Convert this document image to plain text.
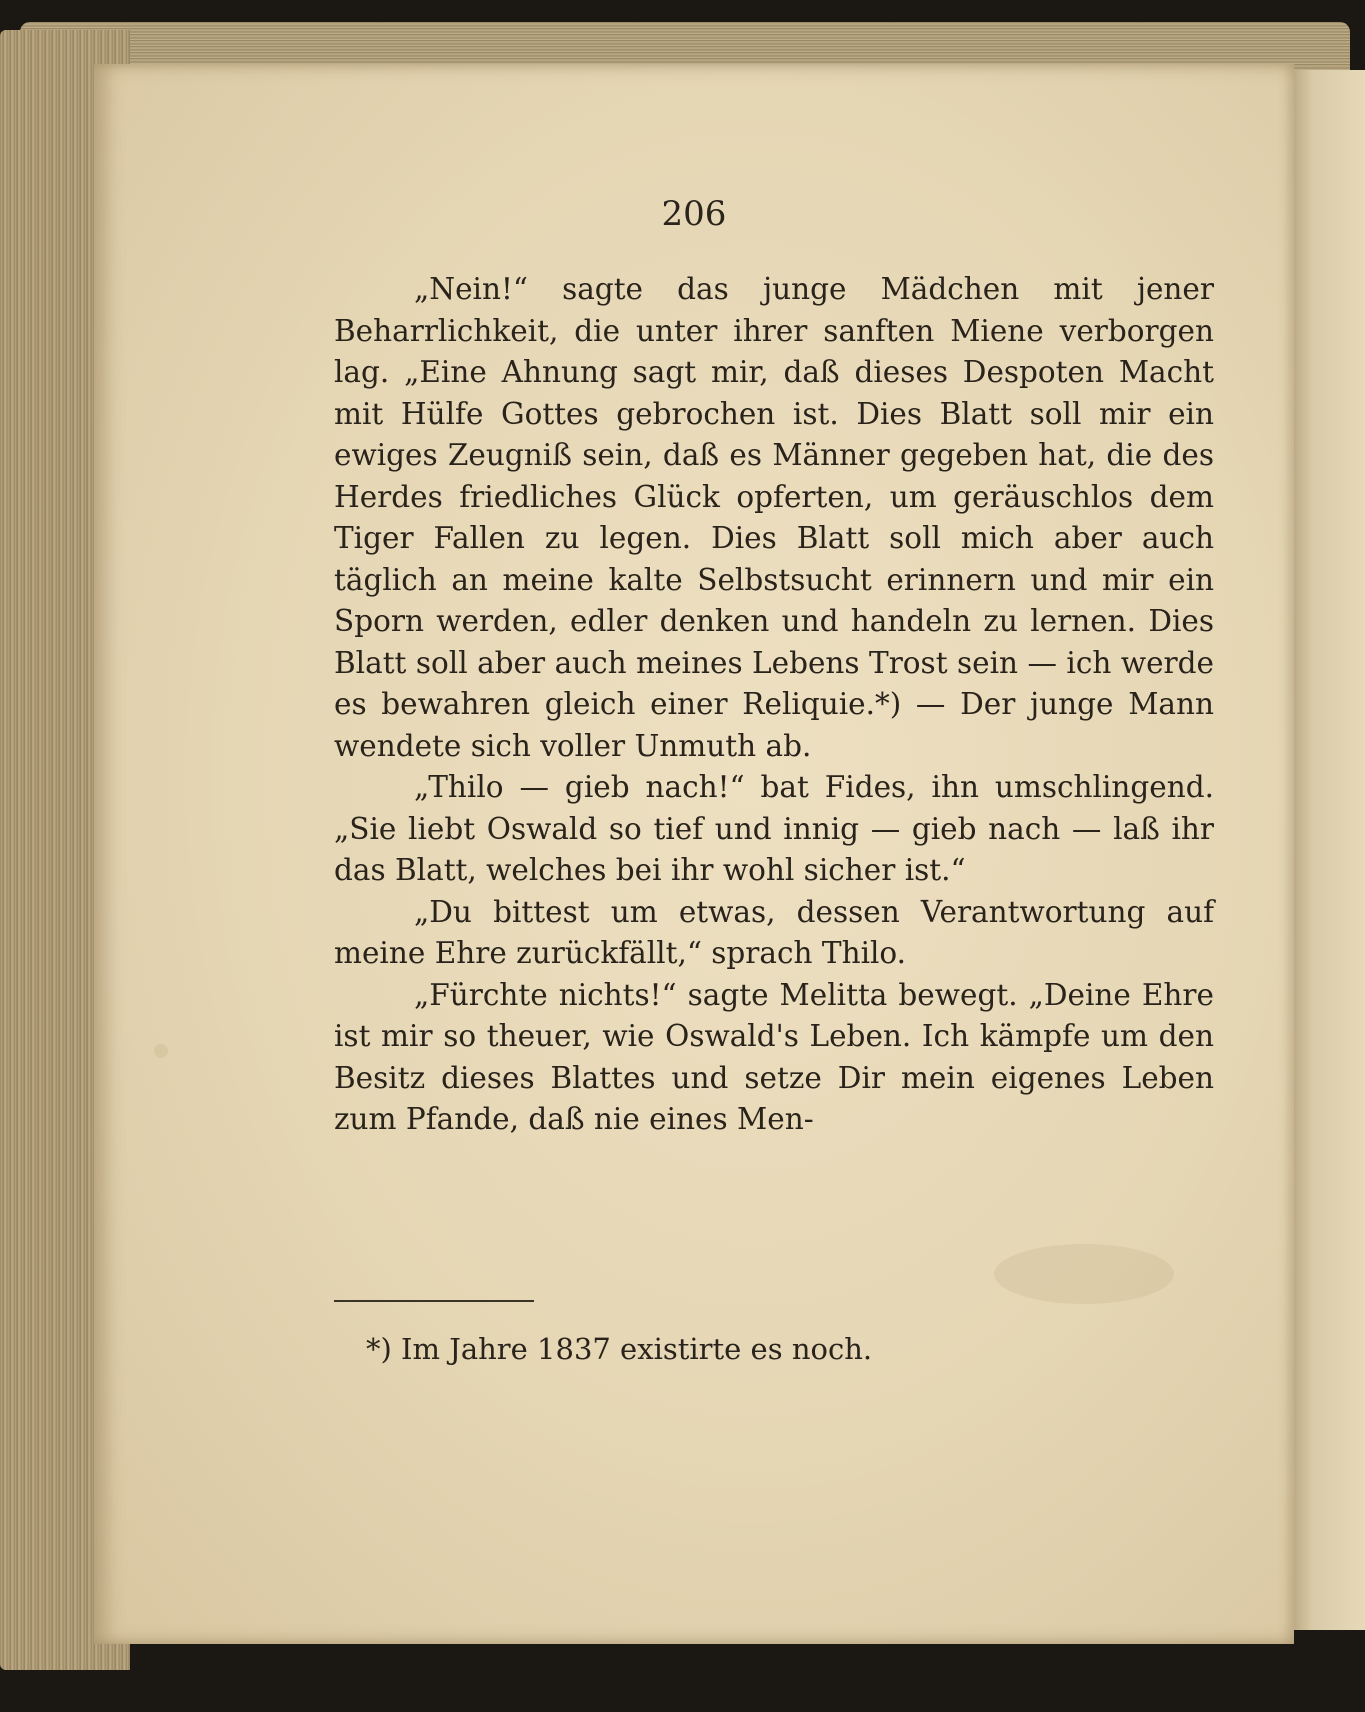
206

„Nein!“ sagte das junge Mädchen mit jener Beharrlichkeit, die unter ihrer sanften Miene verborgen lag. „Eine Ahnung sagt mir, daß dieses Despoten Macht mit Hülfe Gottes gebrochen ist. Dies Blatt soll mir ein ewiges Zeugniß sein, daß es Männer gegeben hat, die des Herdes friedliches Glück opferten, um geräuschlos dem Tiger Fallen zu legen. Dies Blatt soll mich aber auch täglich an meine kalte Selbstsucht erinnern und mir ein Sporn werden, edler denken und handeln zu lernen. Dies Blatt soll aber auch meines Lebens Trost sein — ich werde es bewahren gleich einer Reliquie.*) — Der junge Mann wendete sich voller Unmuth ab.

„Thilo — gieb nach!“ bat Fides, ihn umschlingend. „Sie liebt Oswald so tief und innig — gieb nach — laß ihr das Blatt, welches bei ihr wohl sicher ist.“

„Du bittest um etwas, dessen Verantwortung auf meine Ehre zurückfällt,“ sprach Thilo.

„Fürchte nichts!“ sagte Melitta bewegt. „Deine Ehre ist mir so theuer, wie Oswald's Leben. Ich kämpfe um den Besitz dieses Blattes und setze Dir mein eigenes Leben zum Pfande, daß nie eines Men-

*) Im Jahre 1837 existirte es noch.
